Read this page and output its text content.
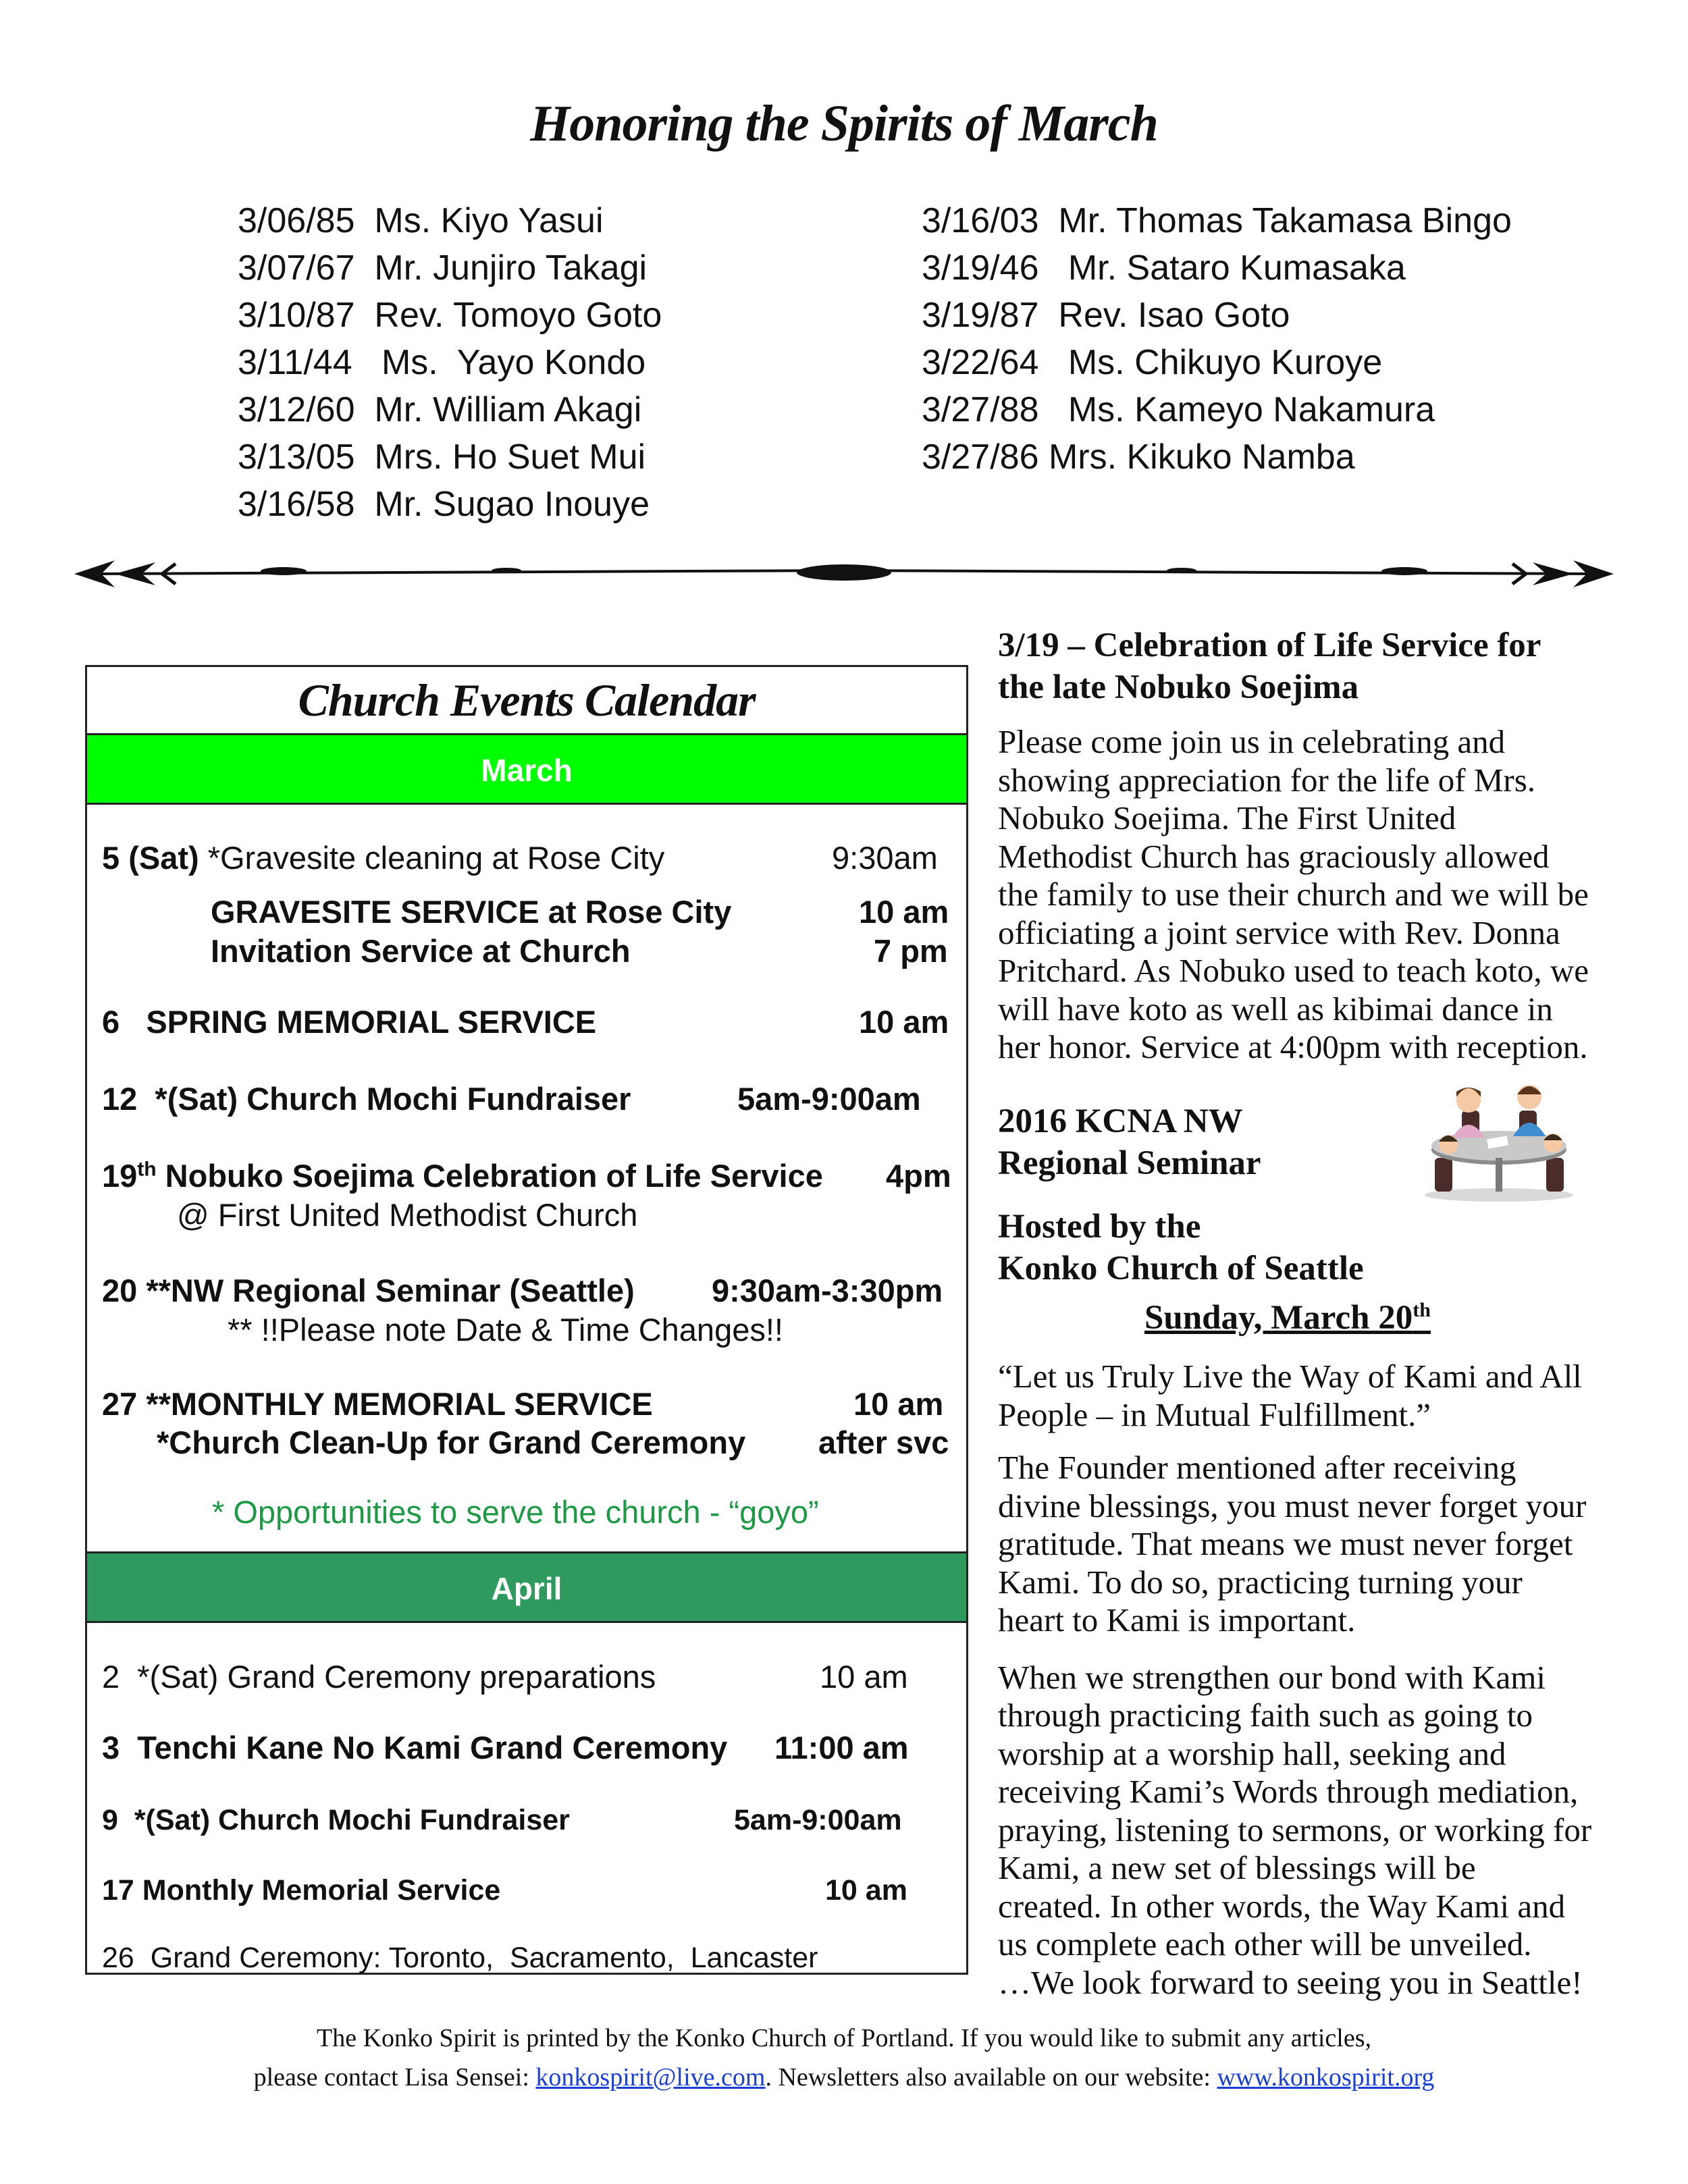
Honoring the Spirits of March
3/06/85 Ms. Kiyo Yasui
3/07/67 Mr. Junjiro Takagi
3/10/87 Rev. Tomoyo Goto
3/11/44   Ms.  Yayo Kondo
3/12/60 Mr. William Akagi
3/13/05 Mrs. Ho Suet Mui
3/16/58 Mr. Sugao Inouye
3/16/03 Mr. Thomas Takamasa Bingo
3/19/46   Mr. Sataro Kumasaka
3/19/87 Rev. Isao Goto
3/22/64   Ms. Chikuyo Kuroye
3/27/88   Ms. Kameyo Nakamura
3/27/86 Mrs. Kikuko Namba
Church Events Calendar
March
5 (Sat) *Gravesite cleaning at Rose City	9:30am
GRAVESITE SERVICE at Rose City	10 am
Invitation Service at Church	7 pm
6 SPRING MEMORIAL SERVICE	10 am
12 *(Sat) Church Mochi Fundraiser	5am-9:00am
19th Nobuko Soejima Celebration of Life Service 4pm
@ First United Methodist Church
20 **NW Regional Seminar (Seattle) 9:30am-3:30pm
** !!Please note Date & Time Changes!!
27 **MONTHLY MEMORIAL SERVICE	10 am
*Church Clean-Up for Grand Ceremony after svc
* Opportunities to serve the church - “goyo”
April
2 *(Sat) Grand Ceremony preparations	10 am
3 Tenchi Kane No Kami Grand Ceremony 11:00 am
9 *(Sat) Church Mochi Fundraiser	5am-9:00am
17 Monthly Memorial Service	10 am
26 Grand Ceremony: Toronto,  Sacramento,  Lancaster
3/19 – Celebration of Life Service for
the late Nobuko Soejima
Please come join us in celebrating and
showing appreciation for the life of Mrs.
Nobuko Soejima. The First United
Methodist Church has graciously allowed
the family to use their church and we will be
officiating a joint service with Rev. Donna
Pritchard. As Nobuko used to teach koto, we
will have koto as well as kibimai dance in
her honor. Service at 4:00pm with reception.
2016 KCNA NW
Regional Seminar
Hosted by the
Konko Church of Seattle
Sunday, March 20th
“Let us Truly Live the Way of Kami and All
People – in Mutual Fulfillment.”
The Founder mentioned after receiving
divine blessings, you must never forget your
gratitude. That means we must never forget
Kami. To do so, practicing turning your
heart to Kami is important.
When we strengthen our bond with Kami
through practicing faith such as going to
worship at a worship hall, seeking and
receiving Kami’s Words through mediation,
praying, listening to sermons, or working for
Kami, a new set of blessings will be
created. In other words, the Way Kami and
us complete each other will be unveiled.
…We look forward to seeing you in Seattle!
The Konko Spirit is printed by the Konko Church of Portland. If you would like to submit any articles,
please contact Lisa Sensei: konkospirit@live.com. Newsletters also available on our website: www.konkospirit.org
